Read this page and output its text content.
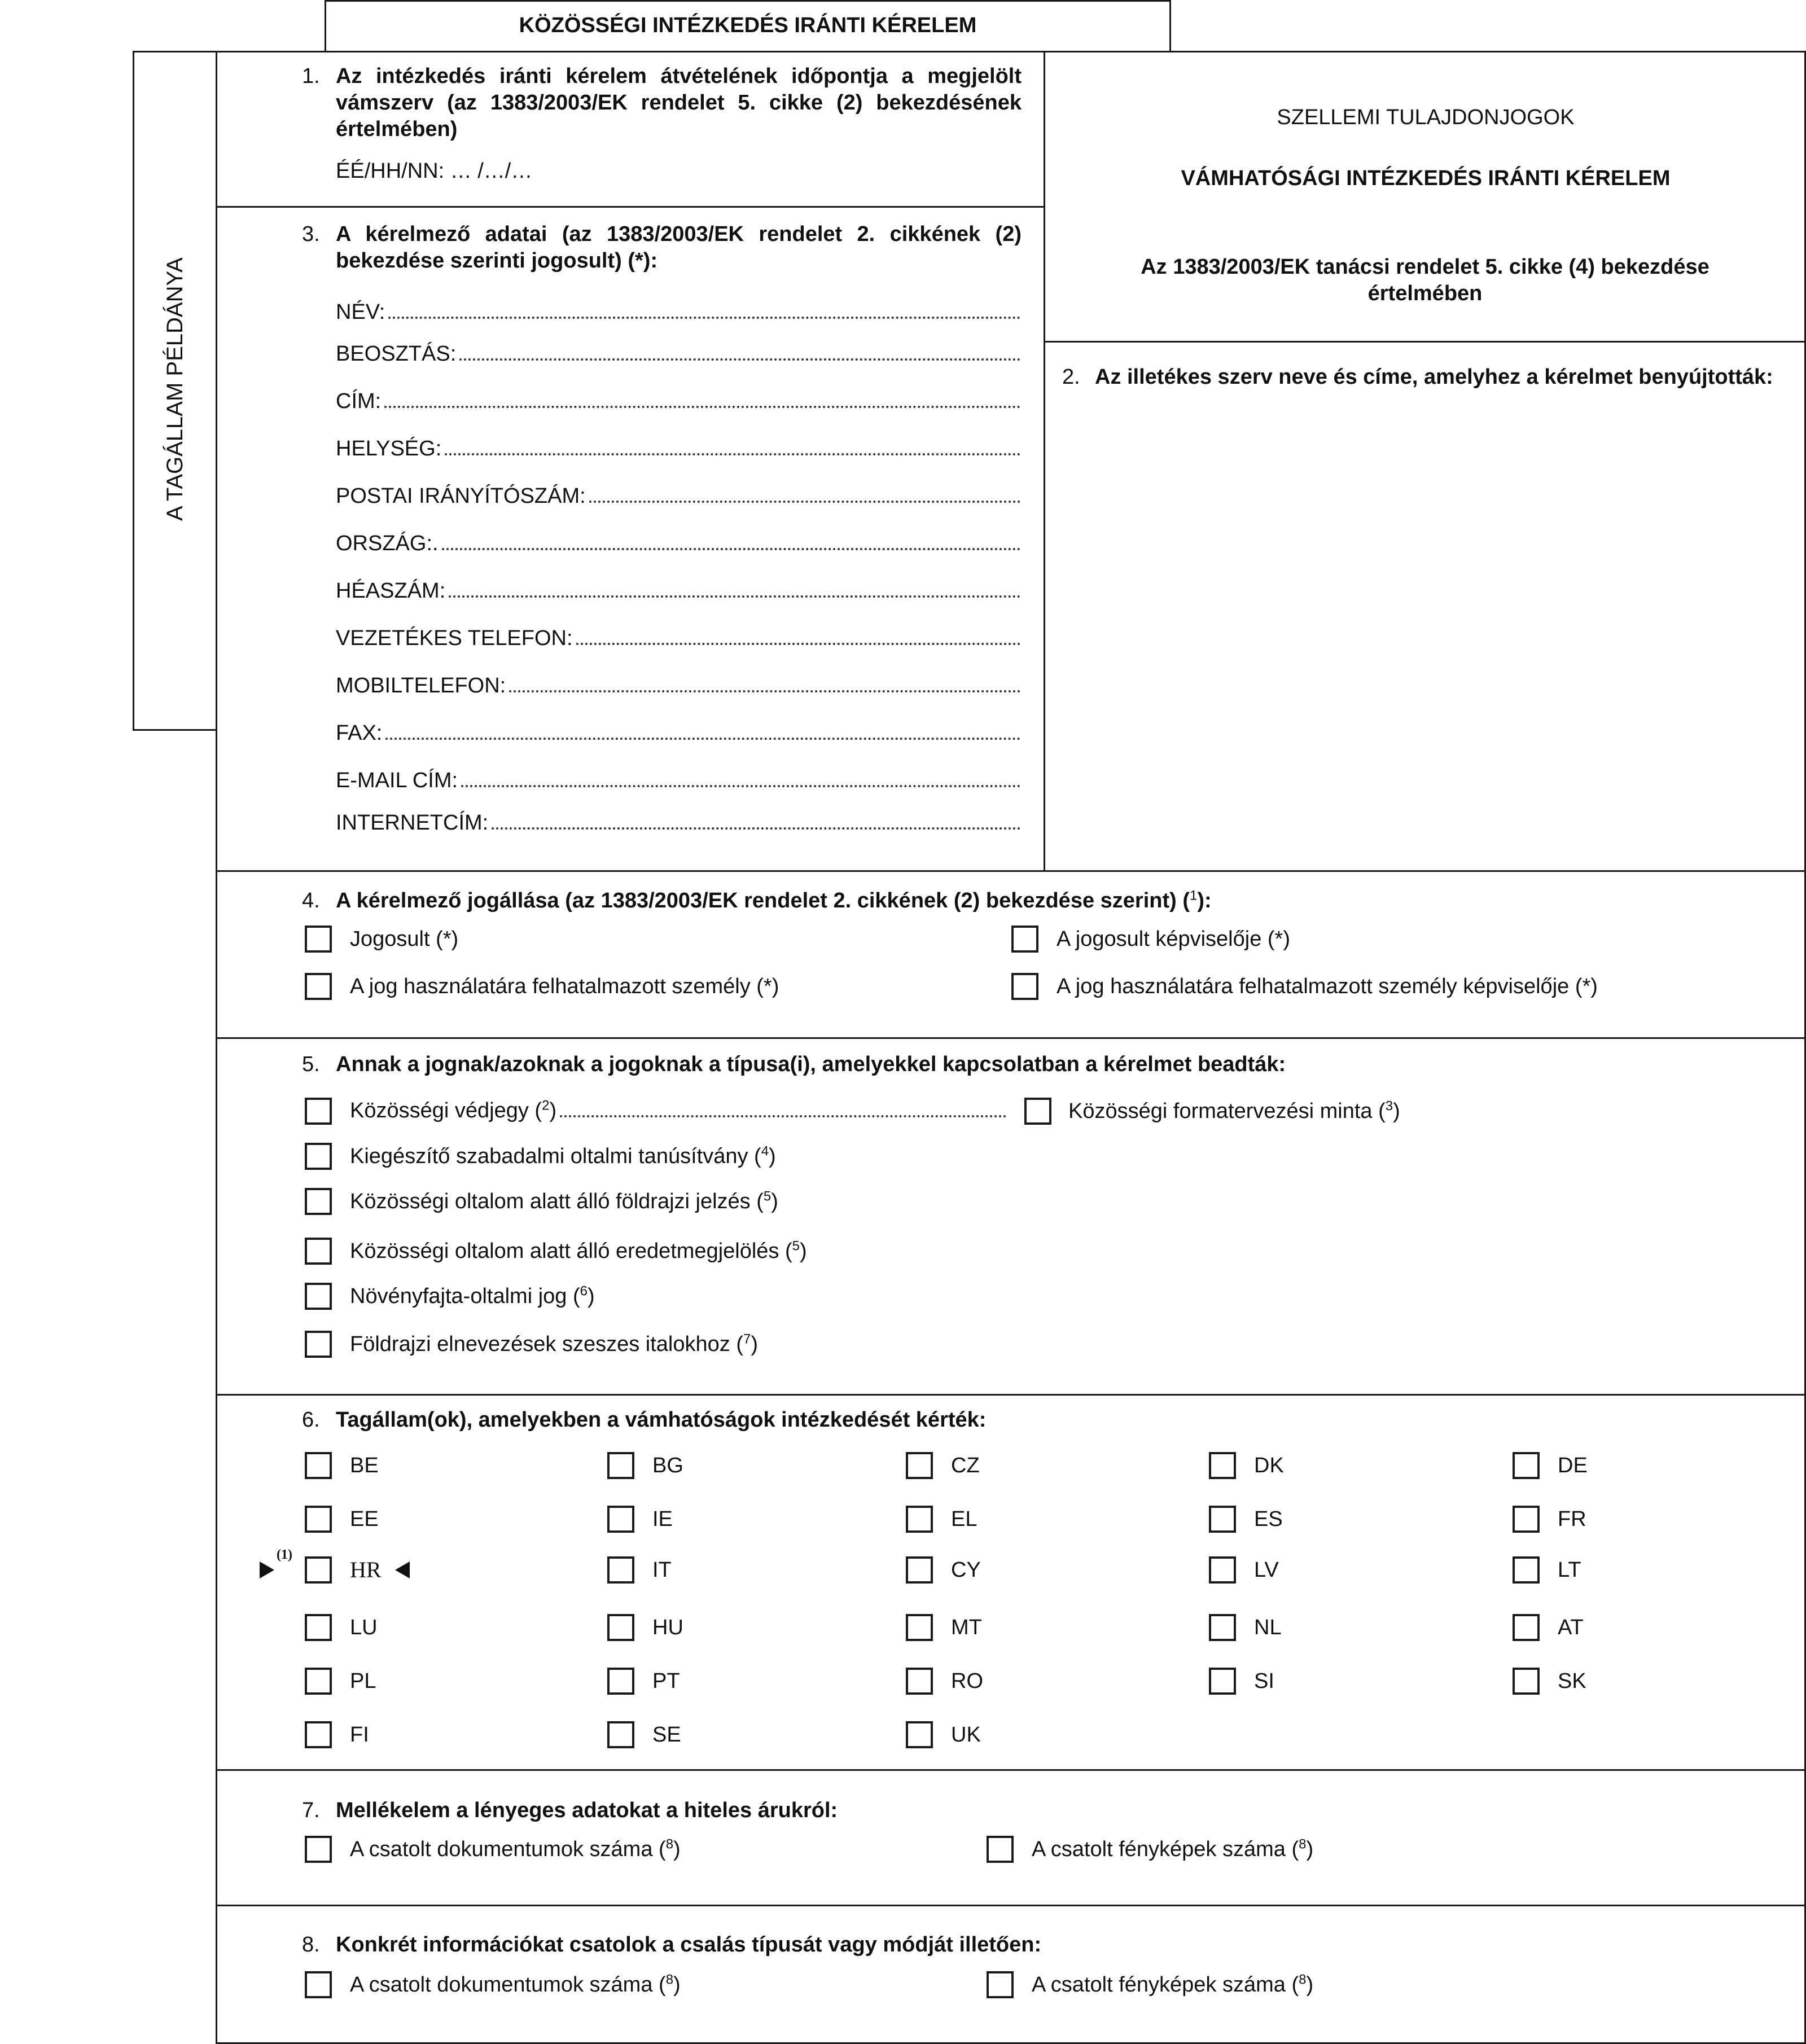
KÖZÖSSÉGI INTÉZKEDÉS IRÁNTI KÉRELEM
A TAGÁLLAM PÉLDÁNYA
1. Az intézkedés iránti kérelem átvételének időpontja a megjelölt vámszerv (az 1383/2003/EK rendelet 5. cikke (2) bekezdésének értelmében)
ÉÉ/HH/NN: … /…/…
SZELLEMI TULAJDONJOGOK
VÁMHATÓSÁGI INTÉZKEDÉS IRÁNTI KÉRELEM
Az 1383/2003/EK tanácsi rendelet 5. cikke (4) bekezdése értelmében
2. Az illetékes szerv neve és címe, amelyhez a kérelmet benyújtották:
3. A kérelmező adatai (az 1383/2003/EK rendelet 2. cikkének (2) bekezdése szerinti jogosult) (*):
NÉV:
BEOSZTÁS:
CÍM:
HELYSÉG:
POSTAI IRÁNYÍTÓSZÁM:
ORSZÁG:.
HÉASZÁM:
VEZETÉKES TELEFON:
MOBILTELEFON:
FAX:
E-MAIL CÍM:
INTERNETCÍM:
4. A kérelmező jogállása (az 1383/2003/EK rendelet 2. cikkének (2) bekezdése szerint) ($^1$):
Jogosult (*)	A jogosult képviselője (*)
A jog használatára felhatalmazott személy (*)	A jog használatára felhatalmazott személy képviselője (*)
5. Annak a jognak/azoknak a jogoknak a típusa(i), amelyekkel kapcsolatban a kérelmet beadták:
Közösségi védjegy ($^2$)	Közösségi formatervezési minta ($^3$)
Kiegészítő szabadalmi oltalmi tanúsítvány ($^4$)
Közösségi oltalom alatt álló földrajzi jelzés ($^5$)
Közösségi oltalom alatt álló eredetmegjelölés ($^5$)
Növényfajta-oltalmi jog ($^6$)
Földrajzi elnevezések szeszes italokhoz ($^7$)
6. Tagállam(ok), amelyekben a vámhatóságok intézkedését kérték:
BE	BG	CZ	DK	DE
EE	IE	EL	ES	FR
(1)
HR	IT	CY	LV	LT
LU	HU	MT	NL	AT
PL	PT	RO	SI	SK
FI	SE	UK
7. Mellékelem a lényeges adatokat a hiteles árukról:
A csatolt dokumentumok száma ($^8$)	A csatolt fényképek száma ($^8$)
8. Konkrét információkat csatolok a csalás típusát vagy módját illetően:
A csatolt dokumentumok száma ($^8$)	A csatolt fényképek száma ($^8$)
